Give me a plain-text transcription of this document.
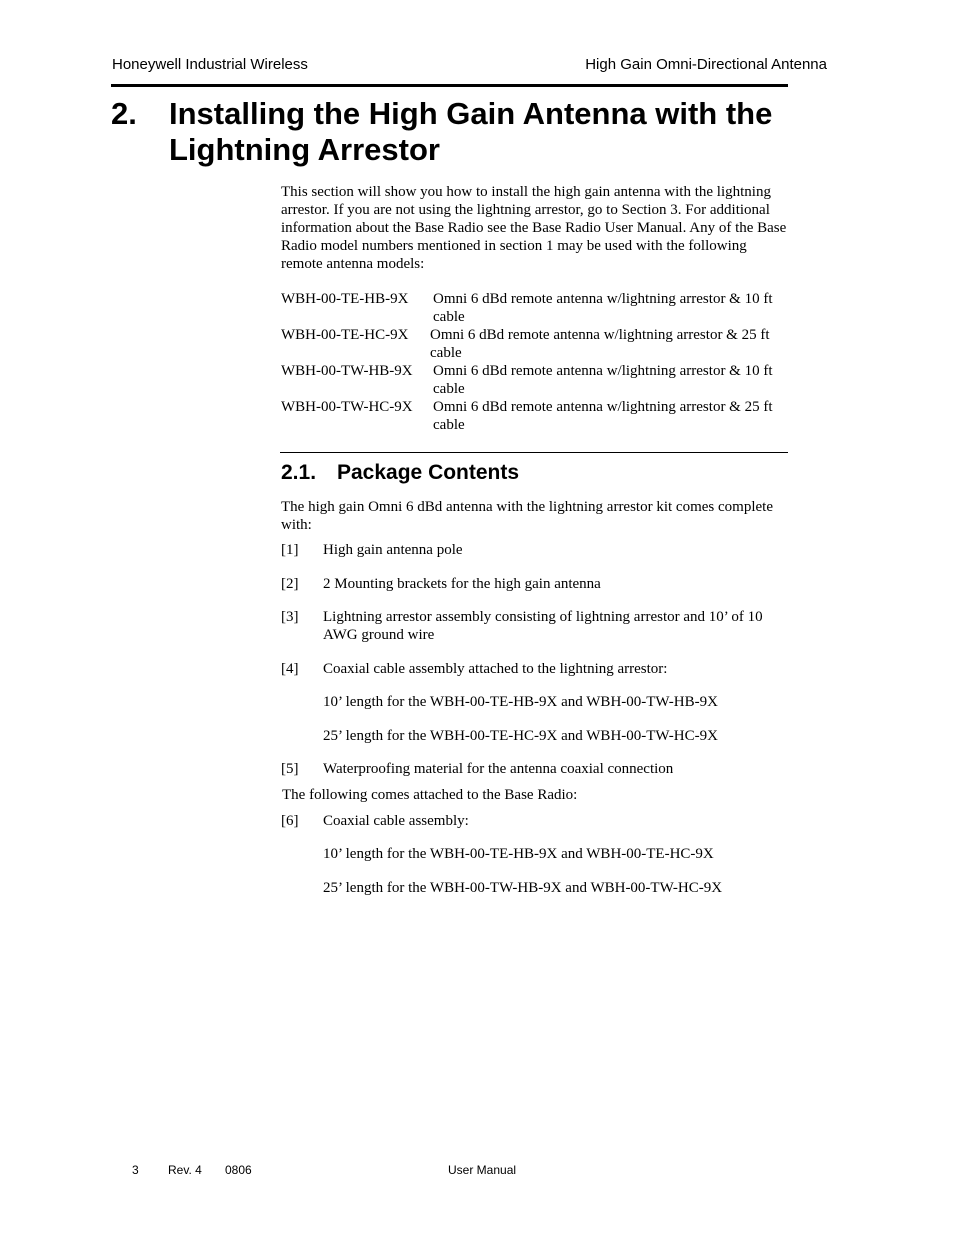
Honeywell Industrial Wireless	High Gain Omni-Directional Antenna
2. Installing the High Gain Antenna with the Lightning Arrestor
This section will show you how to install the high gain antenna with the lightning arrestor. If you are not using the lightning arrestor, go to Section 3. For additional information about the Base Radio see the Base Radio User Manual. Any of the Base Radio model numbers mentioned in section 1 may be used with the following remote antenna models:
WBH-00-TE-HB-9X Omni 6 dBd remote antenna w/lightning arrestor & 10 ft cable
WBH-00-TE-HC-9X Omni 6 dBd remote antenna w/lightning arrestor & 25 ft cable
WBH-00-TW-HB-9X Omni 6 dBd remote antenna w/lightning arrestor & 10 ft cable
WBH-00-TW-HC-9X Omni 6 dBd remote antenna w/lightning arrestor & 25 ft cable
2.1. Package Contents
The high gain Omni 6 dBd antenna with the lightning arrestor kit comes complete with:
[1] High gain antenna pole
[2] 2 Mounting brackets for the high gain antenna
[3] Lightning arrestor assembly consisting of lightning arrestor and 10’ of 10 AWG ground wire
[4] Coaxial cable assembly attached to the lightning arrestor:
10’ length for the WBH-00-TE-HB-9X and WBH-00-TW-HB-9X
25’ length for the WBH-00-TE-HC-9X and WBH-00-TW-HC-9X
[5] Waterproofing material for the antenna coaxial connection
The following comes attached to the Base Radio:
[6] Coaxial cable assembly:
10’ length for the WBH-00-TE-HB-9X and WBH-00-TE-HC-9X
25’ length for the WBH-00-TW-HB-9X and WBH-00-TW-HC-9X
3 Rev. 4 0806	User Manual
